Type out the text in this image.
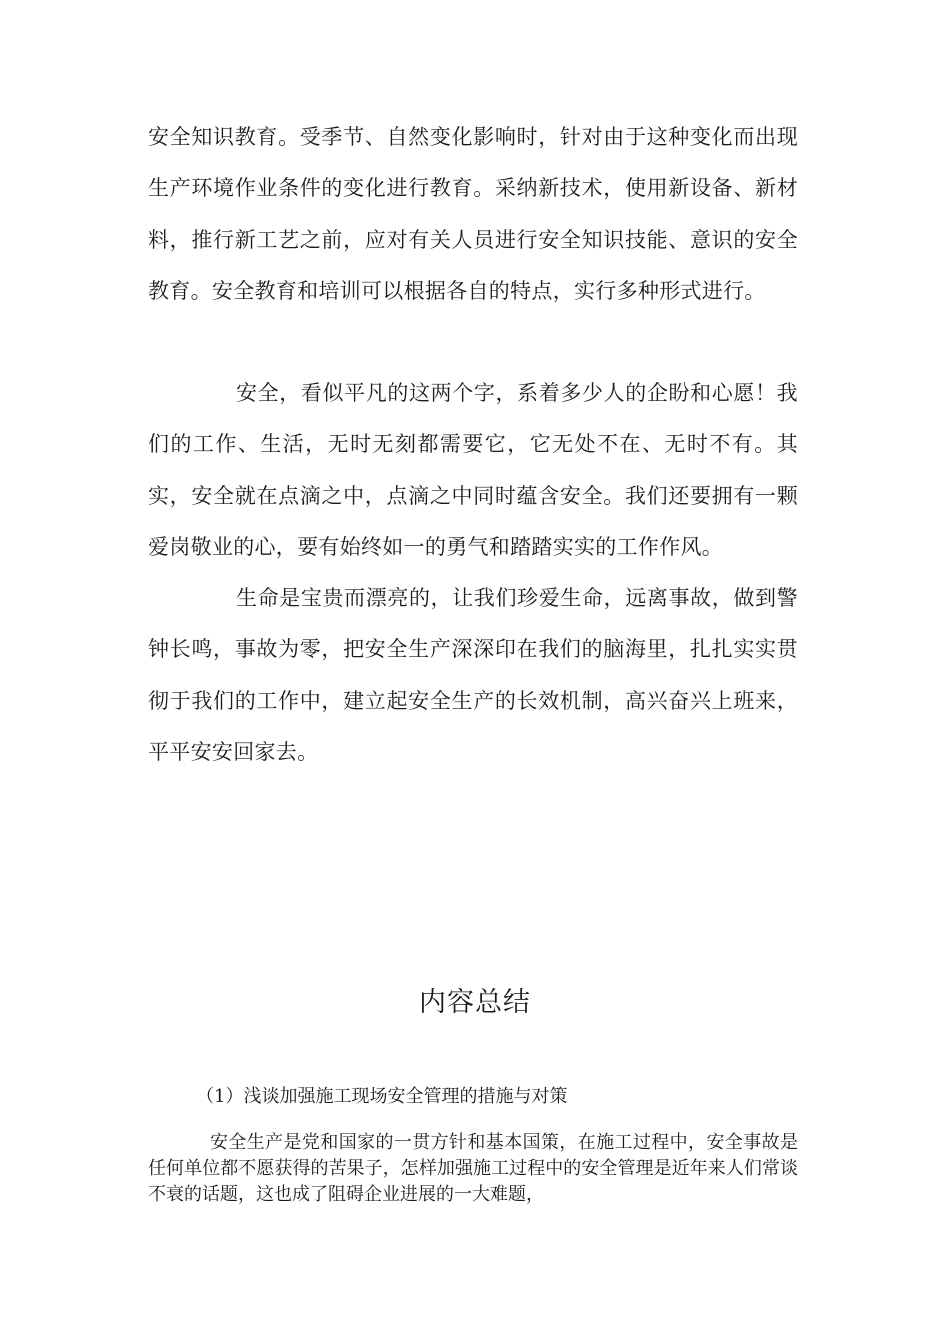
安全知识教育。受季节、自然变化影响时，针对由于这种变化而出现生产环境作业条件的变化进行教育。采纳新技术，使用新设备、新材料，推行新工艺之前，应对有关人员进行安全知识技能、意识的安全教育。安全教育和培训可以根据各自的特点，实行多种形式进行。

安全，看似平凡的这两个字，系着多少人的企盼和心愿！我们的工作、生活，无时无刻都需要它，它无处不在、无时不有。其实，安全就在点滴之中，点滴之中同时蕴含安全。我们还要拥有一颗爱岗敬业的心，要有始终如一的勇气和踏踏实实的工作作风。

生命是宝贵而漂亮的，让我们珍爱生命，远离事故，做到警钟长鸣，事故为零，把安全生产深深印在我们的脑海里，扎扎实实贯彻于我们的工作中，建立起安全生产的长效机制，高兴奋兴上班来，平平安安回家去。

内容总结
（1）浅谈加强施工现场安全管理的措施与对策

安全生产是党和国家的一贯方针和基本国策，在施工过程中，安全事故是任何单位都不愿获得的苦果子，怎样加强施工过程中的安全管理是近年来人们常谈不衰的话题，这也成了阻碍企业进展的一大难题，
